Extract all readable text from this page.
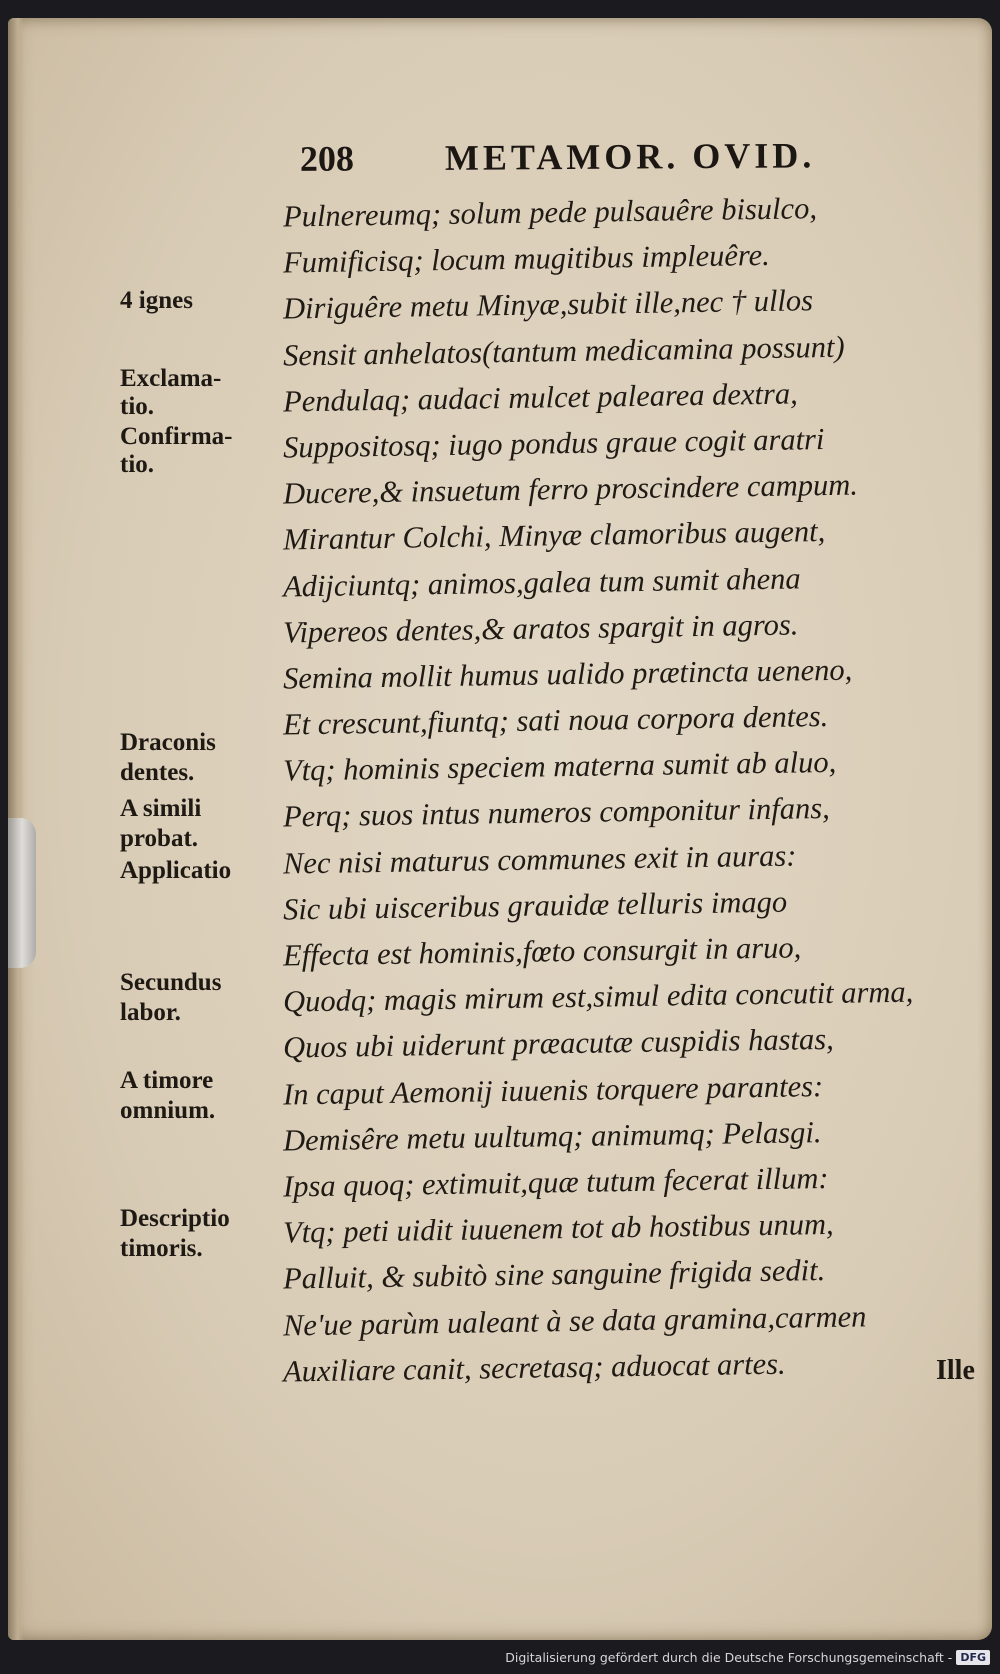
208	METAMOR. OVID.
Pulnereumq; solum pede pulsauêre bisulco,
Fumificisq; locum mugitibus impleuêre.
Diriguêre metu Minyæ,subit ille,nec † ullos
Sensit anhelatos(tantum medicamina possunt)
Pendulaq; audaci mulcet palearea dextra,
Suppositosq; iugo pondus graue cogit aratri
Ducere,& insuetum ferro proscindere campum.
Mirantur Colchi, Minyæ clamoribus augent,
Adijciuntq; animos,galea tum sumit ahena
Vipereos dentes,& aratos spargit in agros.
Semina mollit humus ualido prætincta ueneno,
Et crescunt,fiuntq; sati noua corpora dentes.
Vtq; hominis speciem materna sumit ab aluo,
Perq; suos intus numeros componitur infans,
Nec nisi maturus communes exit in auras:
Sic ubi uisceribus grauidæ telluris imago
Effecta est hominis,fœto consurgit in aruo,
Quodq; magis mirum est,simul edita concutit arma,
Quos ubi uiderunt præacutæ cuspidis hastas,
In caput Aemonij iuuenis torquere parantes:
Demisêre metu uultumq; animumq; Pelasgi.
Ipsa quoq; extimuit,quæ tutum fecerat illum:
Vtq; peti uidit iuuenem tot ab hostibus unum,
Palluit, & subitò sine sanguine frigida sedit.
Ne'ue parùm ualeant à se data gramina,carmen
Auxiliare canit, secretasq; aduocat artes.
4 ignes
Exclama-
tio.
Confirma-
tio.
Draconis
dentes.
A simili
probat.
Applicatio
Secundus
labor.
A timore
omnium.
Descriptio
timoris.
Ille
Digitalisierung gefördert durch die Deutsche Forschungsgemeinschaft - DFG
